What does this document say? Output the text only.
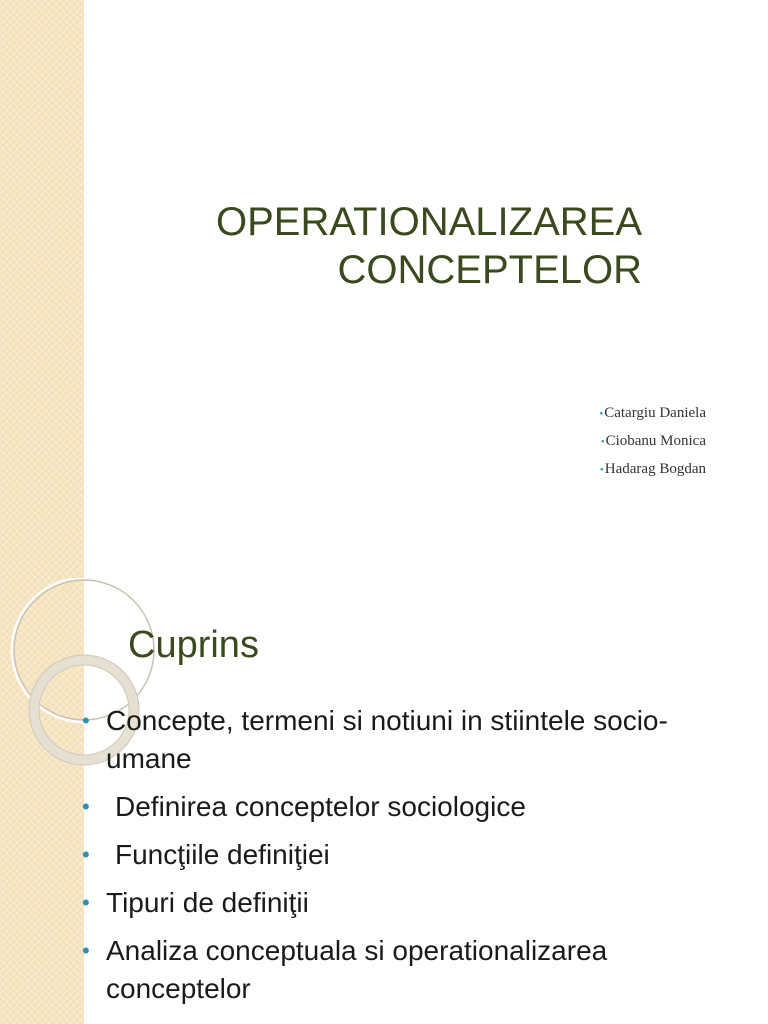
OPERATIONALIZAREA
CONCEPTELOR
•Catargiu Daniela
•Ciobanu Monica
•Hadarag Bogdan
Cuprins
• Concepte, termeni si notiuni in stiintele socio-umane
• Definirea conceptelor sociologice
• Funcţiile definiţiei
• Tipuri de definiţii
• Analiza conceptuala si operationalizarea conceptelor
